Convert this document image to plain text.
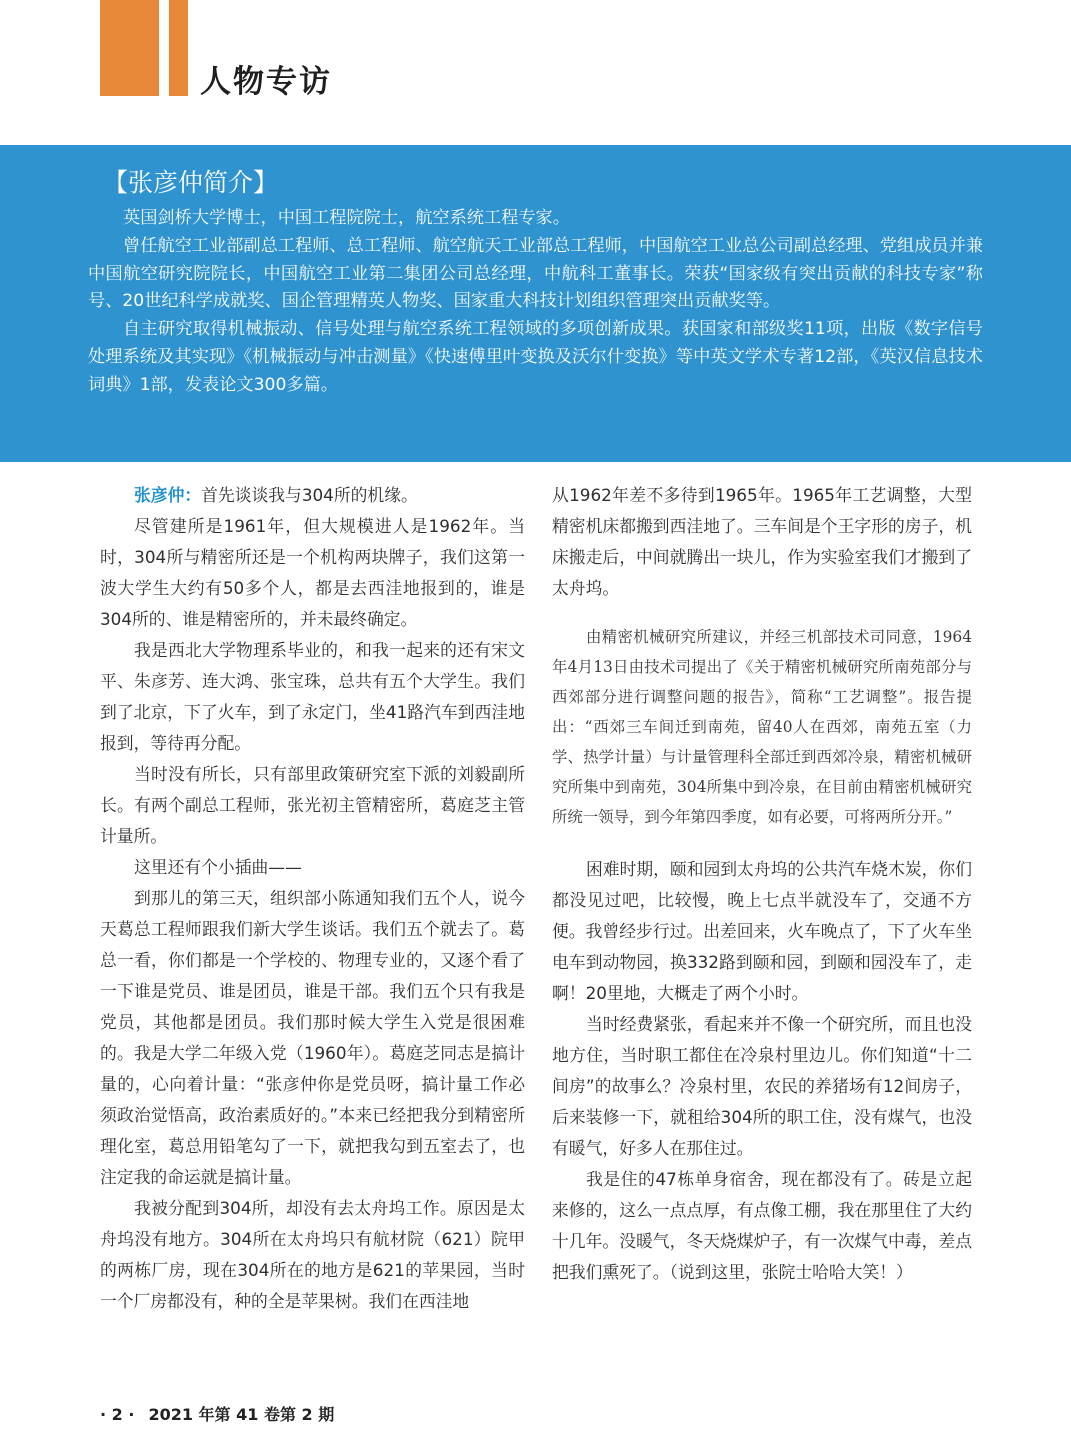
人物专访
【张彦仲简介】

英国剑桥大学博士，中国工程院院士，航空系统工程专家。

曾任航空工业部副总工程师、总工程师、航空航天工业部总工程师，中国航空工业总公司副总经理、党组成员并兼中国航空研究院院长，中国航空工业第二集团公司总经理，中航科工董事长。荣获“国家级有突出贡献的科技专家”称号、20世纪科学成就奖、国企管理精英人物奖、国家重大科技计划组织管理突出贡献奖等。

自主研究取得机械振动、信号处理与航空系统工程领域的多项创新成果。获国家和部级奖11项，出版《数字信号处理系统及其实现》《机械振动与冲击测量》《快速傅里叶变换及沃尔什变换》等中英文学术专著12部，《英汉信息技术词典》1部，发表论文300多篇。

张彦仲：首先谈谈我与304所的机缘。

尽管建所是1961年，但大规模进人是1962年。当时，304所与精密所还是一个机构两块牌子，我们这第一波大学生大约有50多个人，都是去西洼地报到的，谁是304所的、谁是精密所的，并未最终确定。

我是西北大学物理系毕业的，和我一起来的还有宋文平、朱彦芳、连大鸿、张宝珠，总共有五个大学生。我们到了北京，下了火车，到了永定门，坐41路汽车到西洼地报到，等待再分配。

当时没有所长，只有部里政策研究室下派的刘毅副所长。有两个副总工程师，张光初主管精密所，葛庭芝主管计量所。

这里还有个小插曲——

到那儿的第三天，组织部小陈通知我们五个人，说今天葛总工程师跟我们新大学生谈话。我们五个就去了。葛总一看，你们都是一个学校的、物理专业的，又逐个看了一下谁是党员、谁是团员，谁是干部。我们五个只有我是党员，其他都是团员。我们那时候大学生入党是很困难的。我是大学二年级入党（1960年）。葛庭芝同志是搞计量的，心向着计量：“张彦仲你是党员呀，搞计量工作必须政治觉悟高，政治素质好的。”本来已经把我分到精密所理化室，葛总用铅笔勾了一下，就把我勾到五室去了，也注定我的命运就是搞计量。

我被分配到304所，却没有去太舟坞工作。原因是太舟坞没有地方。304所在太舟坞只有航材院（621）院甲的两栋厂房，现在304所在的地方是621的苹果园，当时一个厂房都没有，种的全是苹果树。我们在西洼地

从1962年差不多待到1965年。1965年工艺调整，大型精密机床都搬到西洼地了。三车间是个王字形的房子，机床搬走后，中间就腾出一块儿，作为实验室我们才搬到了太舟坞。

由精密机械研究所建议，并经三机部技术司同意，1964年4月13日由技术司提出了《关于精密机械研究所南苑部分与西郊部分进行调整问题的报告》，简称“工艺调整”。报告提出：“西郊三车间迁到南苑，留40人在西郊，南苑五室（力学、热学计量）与计量管理科全部迁到西郊冷泉，精密机械研究所集中到南苑，304所集中到冷泉，在目前由精密机械研究所统一领导，到今年第四季度，如有必要，可将两所分开。”

困难时期，颐和园到太舟坞的公共汽车烧木炭，你们都没见过吧，比较慢，晚上七点半就没车了，交通不方便。我曾经步行过。出差回来，火车晚点了，下了火车坐电车到动物园，换332路到颐和园，到颐和园没车了，走啊！20里地，大概走了两个小时。

当时经费紧张，看起来并不像一个研究所，而且也没地方住，当时职工都住在冷泉村里边儿。你们知道“十二间房”的故事么？冷泉村里，农民的养猪场有12间房子，后来装修一下，就租给304所的职工住，没有煤气，也没有暖气，好多人在那住过。

我是住的47栋单身宿舍，现在都没有了。砖是立起来修的，这么一点点厚，有点像工棚，我在那里住了大约十几年。没暖气，冬天烧煤炉子，有一次煤气中毒，差点把我们熏死了。（说到这里，张院士哈哈大笑！）

· 2 · 2021 年第 41 卷第 2 期
